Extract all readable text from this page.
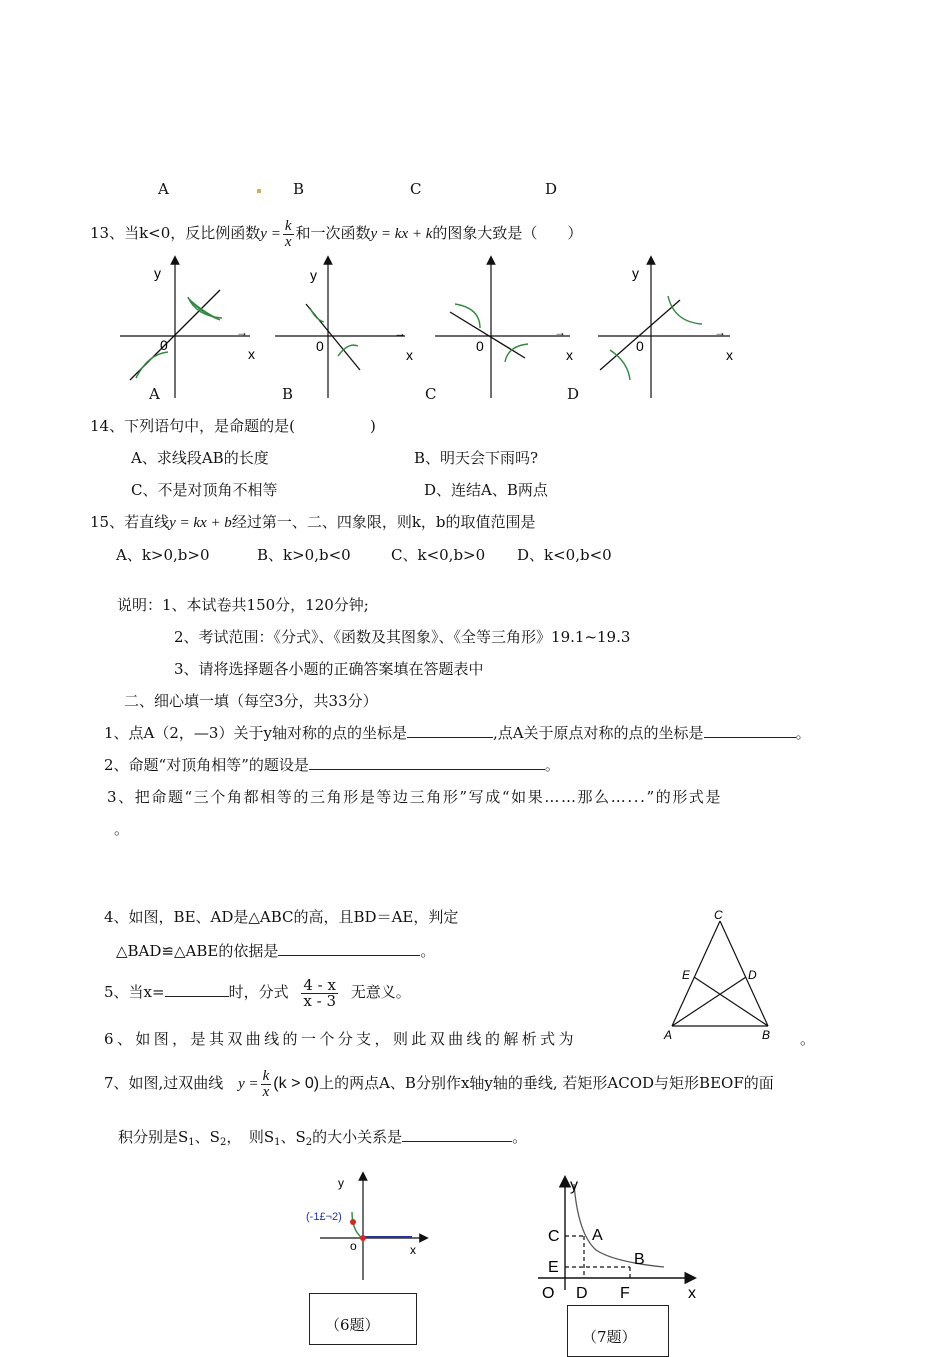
A	B	C	D
13、当k<0，反比例函数$y = \frac{k}{x}$ 和一次函数y = kx + k的图象大致是（　　）
y
0
x
→
y
0
x
→
0
x
→
y
0
x
→
A	B	C	D
14、下列语句中，是命题的是(　　　　　)
A、求线段AB的长度	B、明天会下雨吗?
C、不是对顶角不相等	D、连结A、B两点
15、若直线y = kx + b经过第一、二、四象限，则k，b的取值范围是
A、k>0,b>0	B、k>0,b<0	C、k<0,b>0 D、k<0,b<0
说明：1、本试卷共150分，120分钟;
2、考试范围：《分式》、《函数及其图象》、《全等三角形》19.1~19.3
3、请将选择题各小题的正确答案填在答题表中
二、细心填一填（每空3分，共33分）
1、点A（2，—3）关于y轴对称的点的坐标是	,点A关于原点对称的点的坐标是	。
2、命题“对顶角相等”的题设是	。
3、把命题“三个角都相等的三角形是等边三角形”写成“如果……那么…...”的形式是
。
4、如图，BE、AD是△ABC的高，且BD＝AE，判定
△BAD≌△ABE的依据是	。
C
E	D
A	B
5、当x=	时，分式 $\frac{4 - x}{x - 3}$ 无意义。
6、如图，是其双曲线的一个分支，则此双曲线的解析式为	。
7、如图,过双曲线 $y = \frac{k}{x} (k > 0)$上的两点A、B分别作x轴y轴的垂线, 若矩形ACOD与矩形BEOF的面
积分别是$S_1$、$S_2$，　则$S_1$、$S_2$的大小关系是	。
y
(-1£¬2)
o	x
（6题）
y
C A
E	B
O D F	x
（7题）
